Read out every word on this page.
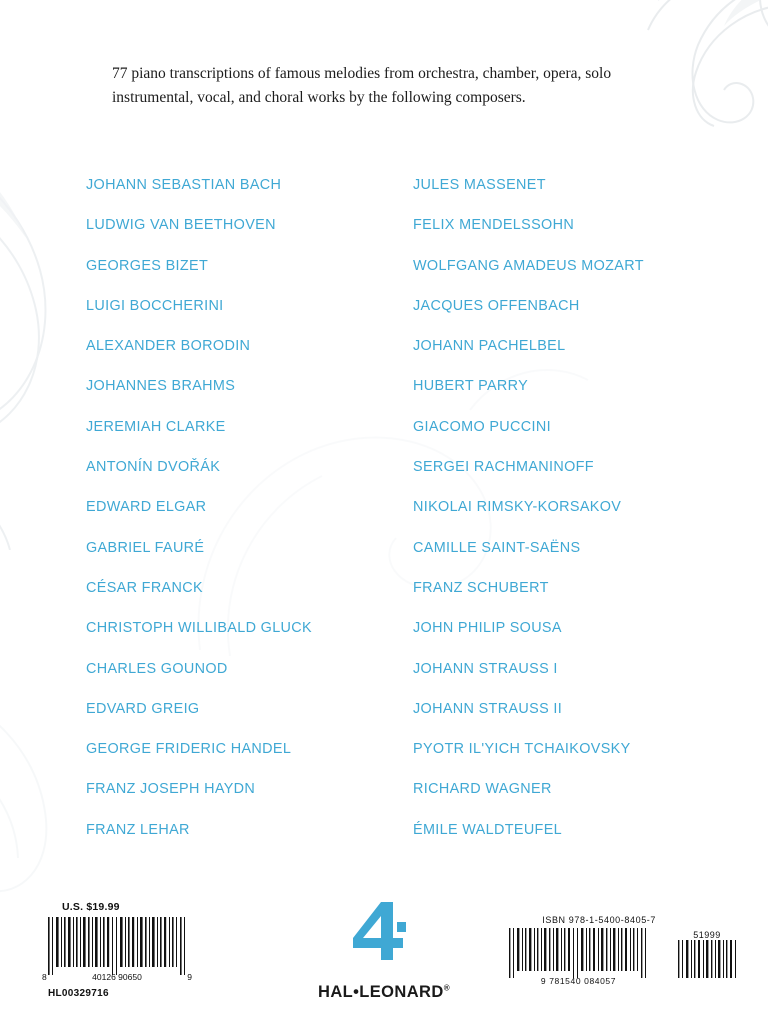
77 piano transcriptions of famous melodies from orchestra, chamber, opera, solo instrumental, vocal, and choral works by the following composers.
JOHANN SEBASTIAN BACH
LUDWIG VAN BEETHOVEN
GEORGES BIZET
LUIGI BOCCHERINI
ALEXANDER BORODIN
JOHANNES BRAHMS
JEREMIAH CLARKE
ANTONÍN DVOŘÁK
EDWARD ELGAR
GABRIEL FAURÉ
CÉSAR FRANCK
CHRISTOPH WILLIBALD GLUCK
CHARLES GOUNOD
EDVARD GREIG
GEORGE FRIDERIC HANDEL
FRANZ JOSEPH HAYDN
FRANZ LEHAR
JULES MASSENET
FELIX MENDELSSOHN
WOLFGANG AMADEUS MOZART
JACQUES OFFENBACH
JOHANN PACHELBEL
HUBERT PARRY
GIACOMO PUCCINI
SERGEI RACHMANINOFF
NIKOLAI RIMSKY-KORSAKOV
CAMILLE SAINT-SAËNS
FRANZ SCHUBERT
JOHN PHILIP SOUSA
JOHANN STRAUSS I
JOHANN STRAUSS II
PYOTR IL'YICH TCHAIKOVSKY
RICHARD WAGNER
ÉMILE WALDTEUFEL
U.S. $19.99
8	40126 90650	9
HL00329716
ISBN 978-1-5400-8405-7
9 781540 084057
51999
HAL•LEONARD®
